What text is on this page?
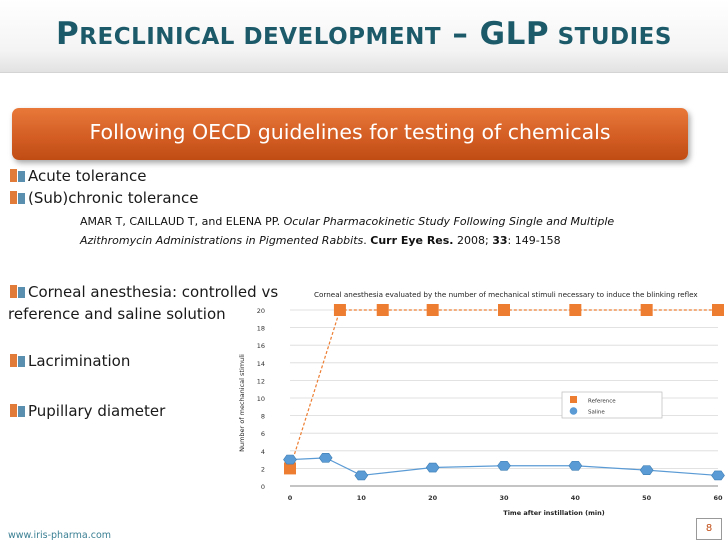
PRECLINICAL DEVELOPMENT – GLP STUDIES
Following OECD guidelines for testing of chemicals
Acute tolerance
(Sub)chronic tolerance
AMAR T, CAILLAUD T, and ELENA PP. Ocular Pharmacokinetic Study Following Single and Multiple
Azithromycin Administrations in Pigmented Rabbits. Curr Eye Res. 2008; 33: 149-158
Corneal anesthesia: controlled vs
reference and saline solution
Lacrimination
Pupillary diameter
Corneal anesthesia evaluated by the number of mechanical stimuli necessary to induce the blinking reflex
0
2
4
6
8
10
12
14
16
18
20
0	10	20	30	40	50	60
Time after instillation (min)
Number of mechanical stimuli	Reference
Saline
www.iris-pharma.com
8
